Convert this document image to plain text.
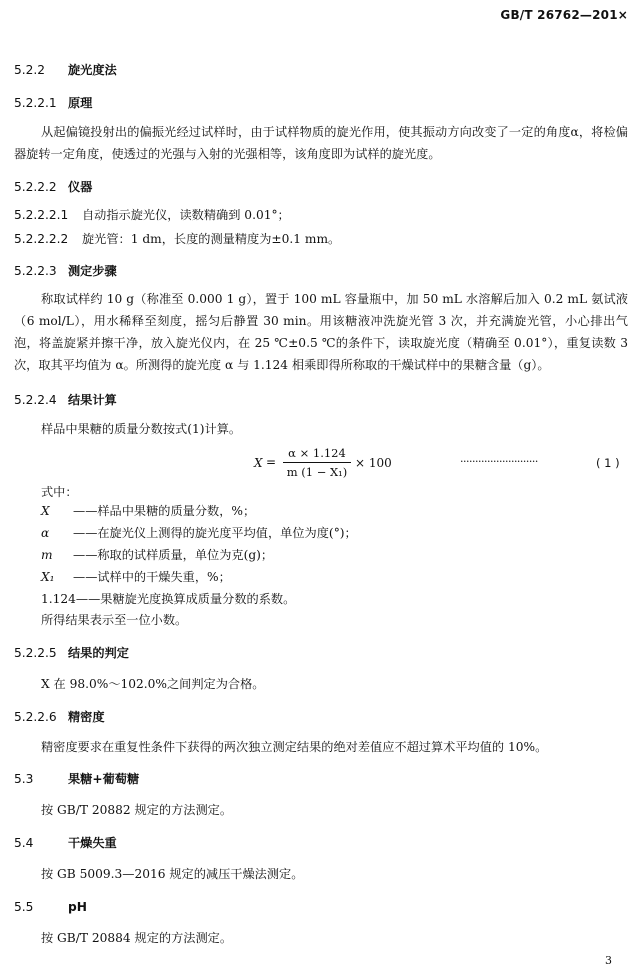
GB/T 26762—201×
5.2.2 旋光度法
5.2.2.1 原理
从起偏镜投射出的偏振光经过试样时，由于试样物质的旋光作用，使其振动方向改变了一定的角度α，将检偏器旋转一定角度，使透过的光强与入射的光强相等，该角度即为试样的旋光度。
5.2.2.2 仪器
5.2.2.2.1 自动指示旋光仪，读数精确到 0.01°；
5.2.2.2.2 旋光管：1 dm，长度的测量精度为±0.1 mm。
5.2.2.3 测定步骤
称取试样约 10 g（称准至 0.000 1 g），置于 100 mL 容量瓶中，加 50 mL 水溶解后加入 0.2 mL 氨试液（6 mol/L），用水稀释至刻度，摇匀后静置 30 min。用该糖液冲洗旋光管 3 次，并充满旋光管，小心排出气泡，将盖旋紧并擦干净，放入旋光仪内，在 25 ℃±0.5 ℃的条件下，读取旋光度（精确至 0.01°），重复读数 3 次，取其平均值为 α。所测得的旋光度 α 与 1.124 相乘即得所称取的干燥试样中的果糖含量（g）。
5.2.2.4 结果计算
样品中果糖的质量分数按式(1)计算。
X =
α × 1.124
m (1 − X₁)
× 100	··························	( 1 )
式中：
X ——样品中果糖的质量分数，%；
α ——在旋光仪上测得的旋光度平均值，单位为度(°)；
m ——称取的试样质量，单位为克(g)；
X₁ ——试样中的干燥失重，%；
1.124——果糖旋光度换算成质量分数的系数。
所得结果表示至一位小数。
5.2.2.5 结果的判定
X 在 98.0%～102.0%之间判定为合格。
5.2.2.6 精密度
精密度要求在重复性条件下获得的两次独立测定结果的绝对差值应不超过算术平均值的 10%。
5.3	果糖+葡萄糖
按 GB/T 20882 规定的方法测定。
5.4	干燥失重
按 GB 5009.3—2016 规定的减压干燥法测定。
5.5	pH
按 GB/T 20884 规定的方法测定。
3
